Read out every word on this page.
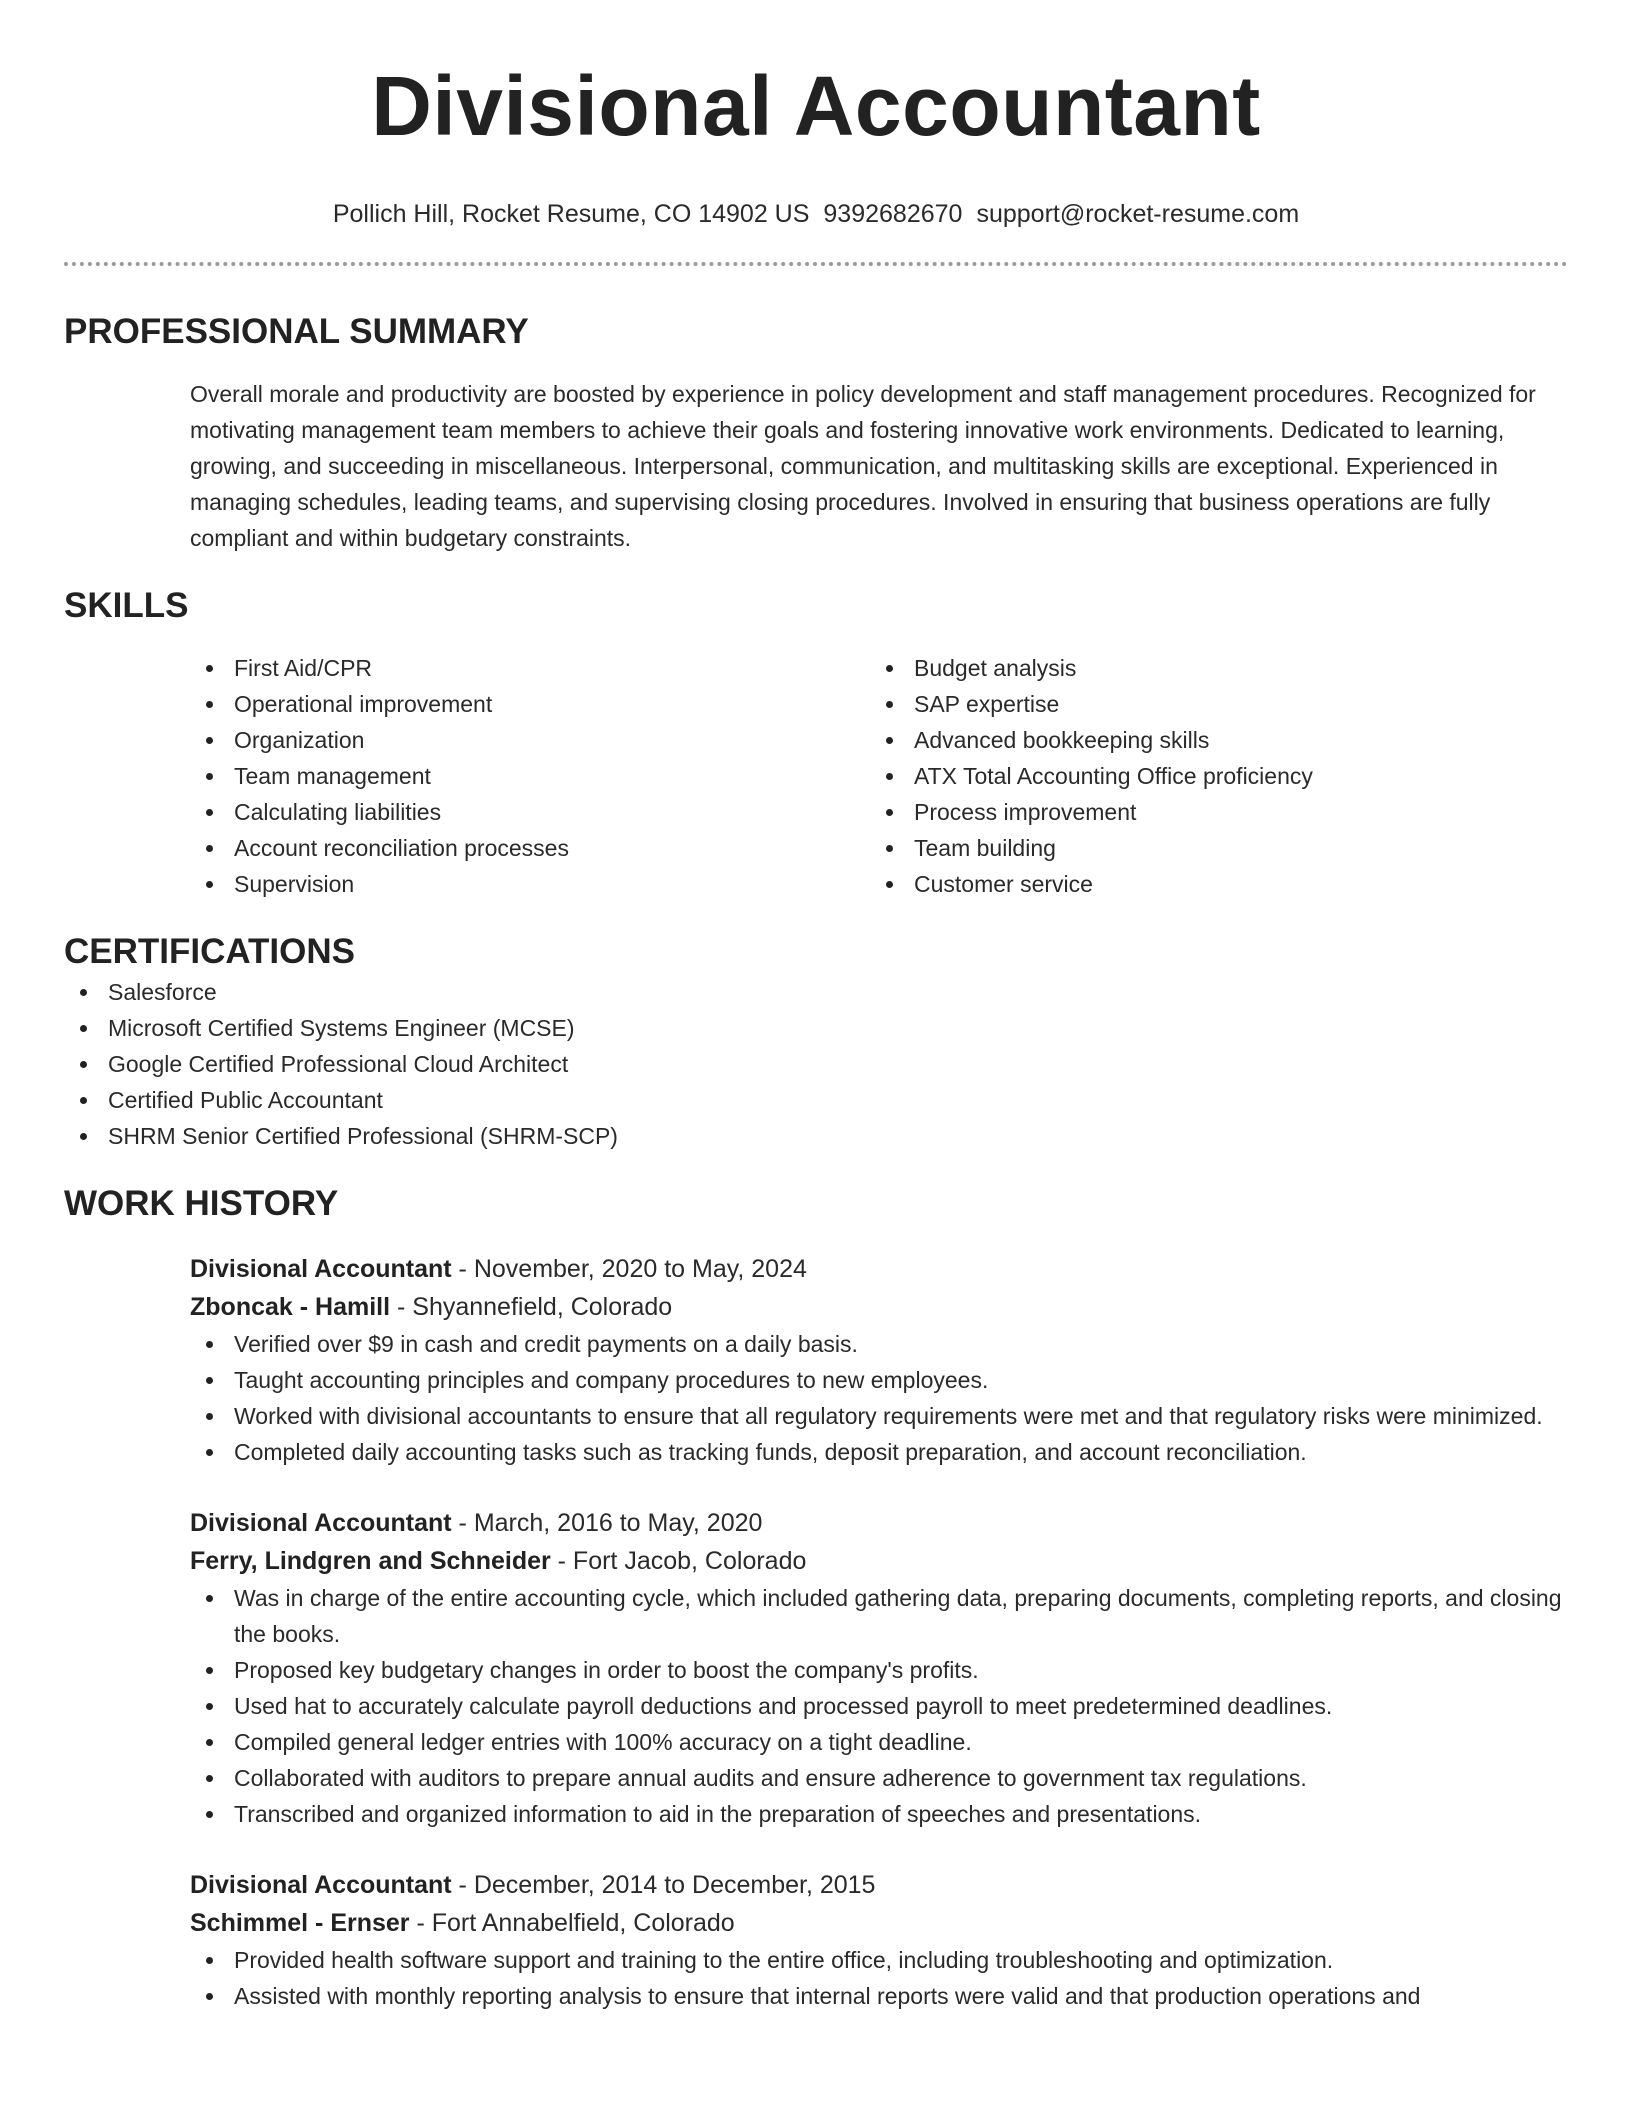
Divisional Accountant
Pollich Hill, Rocket Resume, CO 14902 US 9392682670 support@rocket-resume.com
PROFESSIONAL SUMMARY

Overall morale and productivity are boosted by experience in policy development and staff management procedures. Recognized for motivating management team members to achieve their goals and fostering innovative work environments. Dedicated to learning, growing, and succeeding in miscellaneous. Interpersonal, communication, and multitasking skills are exceptional. Experienced in managing schedules, leading teams, and supervising closing procedures. Involved in ensuring that business operations are fully compliant and within budgetary constraints.

SKILLS
First Aid/CPR
Operational improvement
Organization
Team management
Calculating liabilities
Account reconciliation processes
Supervision
Budget analysis
SAP expertise
Advanced bookkeeping skills
ATX Total Accounting Office proficiency
Process improvement
Team building
Customer service
CERTIFICATIONS
Salesforce
Microsoft Certified Systems Engineer (MCSE)
Google Certified Professional Cloud Architect
Certified Public Accountant
SHRM Senior Certified Professional (SHRM-SCP)
WORK HISTORY
Divisional Accountant - November, 2020 to May, 2024
Zboncak - Hamill - Shyannefield, Colorado
Verified over $9 in cash and credit payments on a daily basis.
Taught accounting principles and company procedures to new employees.
Worked with divisional accountants to ensure that all regulatory requirements were met and that regulatory risks were minimized.
Completed daily accounting tasks such as tracking funds, deposit preparation, and account reconciliation.
Divisional Accountant - March, 2016 to May, 2020
Ferry, Lindgren and Schneider - Fort Jacob, Colorado
Was in charge of the entire accounting cycle, which included gathering data, preparing documents, completing reports, and closing the books.
Proposed key budgetary changes in order to boost the company's profits.
Used hat to accurately calculate payroll deductions and processed payroll to meet predetermined deadlines.
Compiled general ledger entries with 100% accuracy on a tight deadline.
Collaborated with auditors to prepare annual audits and ensure adherence to government tax regulations.
Transcribed and organized information to aid in the preparation of speeches and presentations.
Divisional Accountant - December, 2014 to December, 2015
Schimmel - Ernser - Fort Annabelfield, Colorado
Provided health software support and training to the entire office, including troubleshooting and optimization.
Assisted with monthly reporting analysis to ensure that internal reports were valid and that production operations and
